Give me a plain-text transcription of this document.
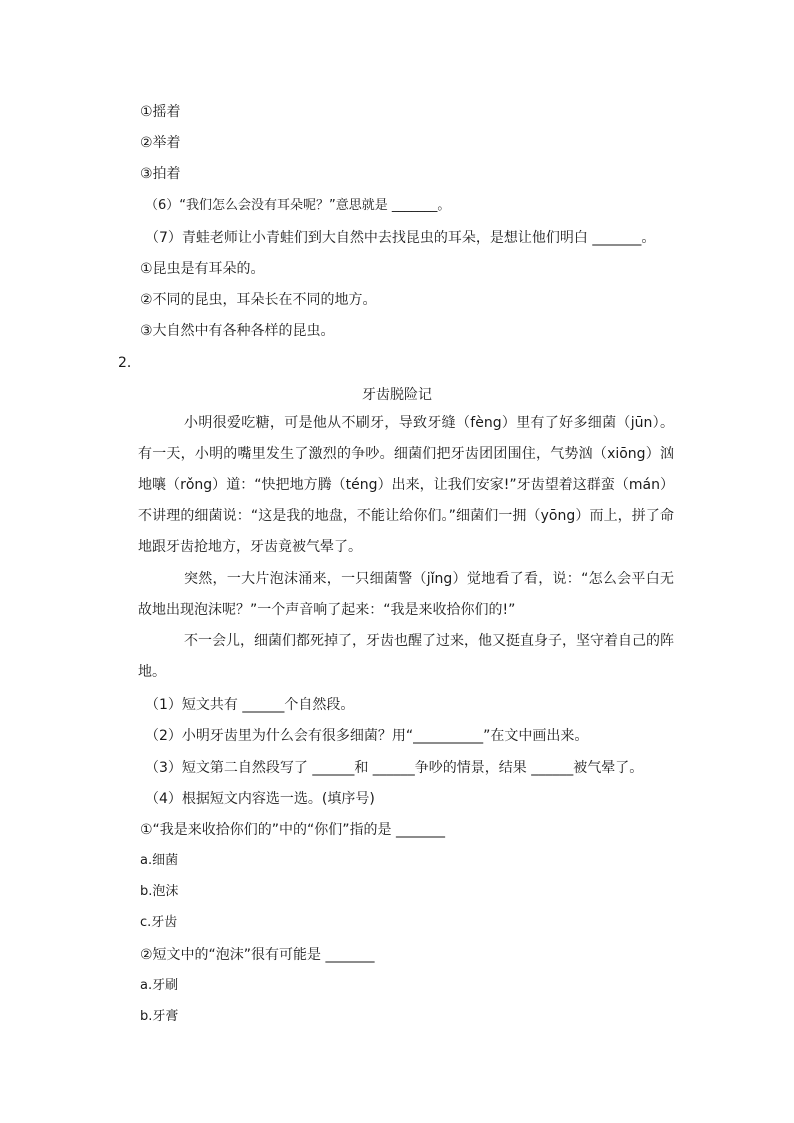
①摇着
②举着
③拍着
（6）“我们怎么会没有耳朵呢？”意思就是 _______。
（7）青蛙老师让小青蛙们到大自然中去找昆虫的耳朵，是想让他们明白 _______。
①昆虫是有耳朵的。
②不同的昆虫，耳朵长在不同的地方。
③大自然中有各种各样的昆虫。
2．
牙齿脱险记
小明很爱吃糖，可是他从不刷牙，导致牙缝（fèng）里有了好多细菌（jūn）。有一天，小明的嘴里发生了激烈的争吵。细菌们把牙齿团团围住，气势汹（xiōng）汹地嚷（rǒng）道：“快把地方腾（téng）出来，让我们安家!”牙齿望着这群蛮（mán）不讲理的细菌说：“这是我的地盘，不能让给你们。”细菌们一拥（yōng）而上，拼了命地跟牙齿抢地方，牙齿竟被气晕了。
突然，一大片泡沫涌来，一只细菌警（jǐng）觉地看了看，说：“怎么会平白无故地出现泡沫呢？”一个声音响了起来：“我是来收拾你们的!”
不一会儿，细菌们都死掉了，牙齿也醒了过来，他又挺直身子，坚守着自己的阵地。
（1）短文共有 ______个自然段。
（2）小明牙齿里为什么会有很多细菌？用“__________”在文中画出来。
（3）短文第二自然段写了 ______和 ______争吵的情景，结果 ______被气晕了。
（4）根据短文内容选一选。(填序号)
①“我是来收拾你们的”中的“你们”指的是 _______
a.细菌
b.泡沫
c.牙齿
②短文中的“泡沫”很有可能是 _______
a.牙刷
b.牙膏
